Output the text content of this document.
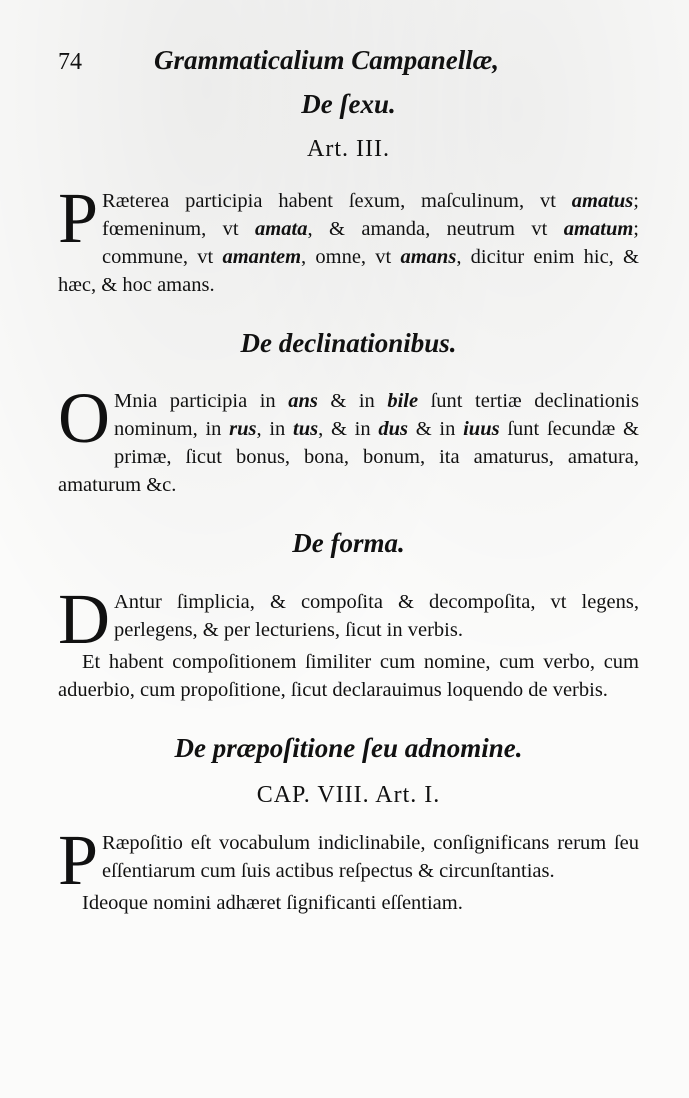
74	Grammaticalium Campanellæ,
De ſexu.
Art. III.

P Ræterea participia habent ſexum, maſculinum, vt amatus; fœmeninum, vt amata, & amanda, neutrum vt amatum; commune, vt amantem, omne, vt amans, dicitur enim hic, & hæc, & hoc amans.

De declinationibus.

O Mnia participia in ans & in bile ſunt tertiæ declinationis nominum, in rus, in tus, & in dus & in iuus ſunt ſecundæ & primæ, ſicut bonus, bona, bonum, ita amaturus, amatura, amaturum &c.

De forma.

D Antur ſimplicia, & compoſita & decompoſita, vt legens, perlegens, & per lecturiens, ſicut in verbis.

Et habent compoſitionem ſimiliter cum nomine, cum verbo, cum aduerbio, cum propoſitione, ſicut declarauimus loquendo de verbis.

De præpoſitione ſeu adnomine.
CAP. VIII. Art. I.

P Ræpoſitio eſt vocabulum indiclinabile, conſignificans rerum ſeu eſſentiarum cum ſuis actibus reſpectus & circunſtantias.

Ideoque nomini adhæret ſignificanti eſſentiam.
